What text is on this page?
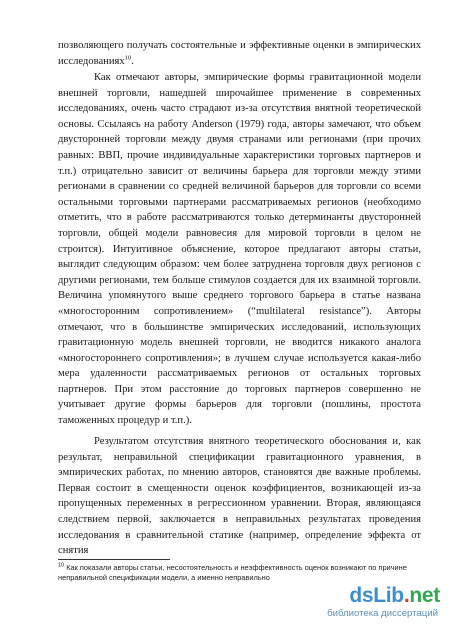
позволяющего получать состоятельные и эффективные оценки в эмпирических исследованиях$^{10}$.

Как отмечают авторы, эмпирические формы гравитационной модели внешней торговли, нашедшей широчайшее применение в современных исследованиях, очень часто страдают из-за отсутствия внятной теоретической основы. Ссылаясь на работу Anderson (1979) года, авторы замечают, что объем двусторонней торговли между двумя странами или регионами (при прочих равных: ВВП, прочие индивидуальные характеристики торговых партнеров и т.п.) отрицательно зависит от величины барьера для торговли между этими регионами в сравнении со средней величиной барьеров для торговли со всеми остальными торговыми партнерами рассматриваемых регионов (необходимо отметить, что в работе рассматриваются только детерминанты двусторонней торговли, общей модели равновесия для мировой торговли в целом не строится). Интуитивное объяснение, которое предлагают авторы статьи, выглядит следующим образом: чем более затруднена торговля двух регионов с другими регионами, тем больше стимулов создается для их взаимной торговли. Величина упомянутого выше среднего торгового барьера в статье названа «многосторонним сопротивлением» (“multilateral resistance”). Авторы отмечают, что в большинстве эмпирических исследований, использующих гравитационную модель внешней торговли, не вводится никакого аналога «многостороннего сопротивления»; в лучшем случае используется какая-либо мера удаленности рассматриваемых регионов от остальных торговых партнеров. При этом расстояние до торговых партнеров совершенно не учитывает другие формы барьеров для торговли (пошлины, простота таможенных процедур и т.п.).

Результатом отсутствия внятного теоретического обоснования и, как результат, неправильной спецификации гравитационного уравнения, в эмпирических работах, по мнению авторов, становятся две важные проблемы. Первая состоит в смещенности оценок коэффициентов, возникающей из-за пропущенных переменных в регрессионном уравнении. Вторая, являющаяся следствием первой, заключается в неправильных результатах проведения исследования в сравнительной статике (например, определение эффекта от снятия

$^{10}$ Как показали авторы статьи, несостоятельность и неэффективность оценок возникают по причине

неправильной спецификации модели, а именно неправильно

dsLib.net
библиотека диссертаций
